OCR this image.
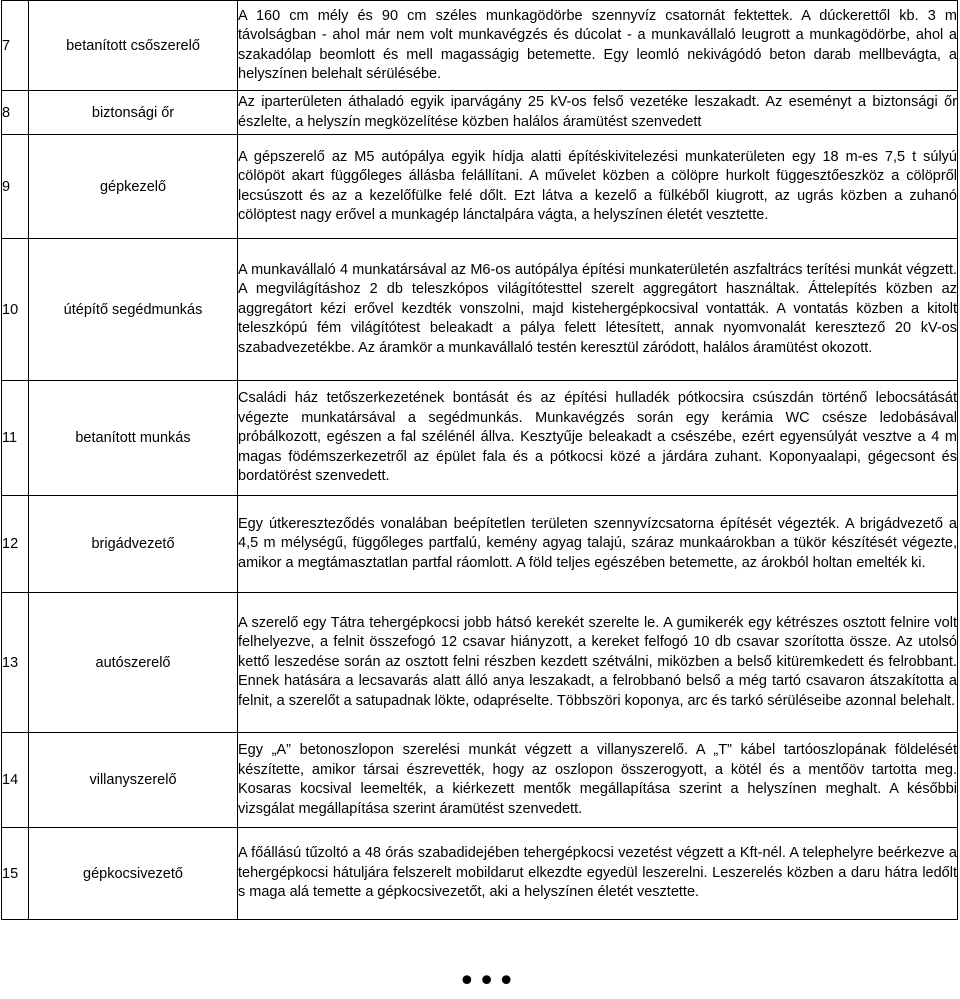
7	betanított csőszerelő	A 160 cm mély és 90 cm széles munkagödörbe szennyvíz csatornát fektettek. A dúckerettől kb. 3 m távolságban - ahol már nem volt munkavégzés és dúcolat - a munkavállaló leugrott a munkagödörbe, ahol a szakadólap beomlott és mell magasságig betemette. Egy leomló nekivágódó beton darab mellbevágta, a helyszínen belehalt sérülésébe.
8	biztonsági őr	Az iparterületen áthaladó egyik iparvágány 25 kV-os felső vezetéke leszakadt. Az eseményt a biztonsági őr észlelte, a helyszín megközelítése közben halálos áramütést szenvedett
9	gépkezelő	A gépszerelő az M5 autópálya egyik hídja alatti építéskivitelezési munkaterületen egy 18 m-es 7,5 t súlyú cölöpöt akart függőleges állásba felállítani. A művelet közben a cölöpre hurkolt függesztőeszköz a cölöpről lecsúszott és az a kezelőfülke felé dőlt. Ezt látva a kezelő a fülkéből kiugrott, az ugrás közben a zuhanó cölöptest nagy erővel a munkagép lánctalpára vágta, a helyszínen életét vesztette.
10	útépítő segédmunkás	A munkavállaló 4 munkatársával az M6-os autópálya építési munkaterületén aszfaltrács terítési munkát végzett. A megvilágításhoz 2 db teleszkópos világítótesttel szerelt aggregátort használtak. Áttelepítés közben az aggregátort kézi erővel kezdték vonszolni, majd kistehergépkocsival vontatták. A vontatás közben a kitolt teleszkópú fém világítótest beleakadt a pálya felett létesített, annak nyomvonalát keresztező 20 kV-os szabadvezetékbe. Az áramkör a munkavállaló testén keresztül záródott, halálos áramütést okozott.
11	betanított munkás	Családi ház tetőszerkezetének bontását és az építési hulladék pótkocsira csúszdán történő lebocsátását végezte munkatársával a segédmunkás. Munkavégzés során egy kerámia WC csésze ledobásával próbálkozott, egészen a fal szélénél állva. Kesztyűje beleakadt a csészébe, ezért egyensúlyát vesztve a 4 m magas födémszerkezetről az épület fala és a pótkocsi közé a járdára zuhant. Koponyaalapi, gégecsont és bordatörést szenvedett.
12	brigádvezető	Egy útkereszteződés vonalában beépítetlen területen szennyvízcsatorna építését végezték. A brigádvezető a 4,5 m mélységű, függőleges partfalú, kemény agyag talajú, száraz munkaárokban a tükör készítését végezte, amikor a megtámasztatlan partfal ráomlott. A föld teljes egészében betemette, az árokból holtan emelték ki.
13	autószerelő	A szerelő egy Tátra tehergépkocsi jobb hátsó kerekét szerelte le. A gumikerék egy kétrészes osztott felnire volt felhelyezve, a felnit összefogó 12 csavar hiányzott, a kereket felfogó 10 db csavar szorította össze. Az utolsó kettő leszedése során az osztott felni részben kezdett szétválni, miközben a belső kitüremkedett és felrobbant. Ennek hatására a lecsavarás alatt álló anya leszakadt, a felrobbanó belső a még tartó csavaron átszakította a felnit, a szerelőt a satupadnak lökte, odapréselte. Többszöri koponya, arc és tarkó sérüléseibe azonnal belehalt.
14	villanyszerelő	Egy „A” betonoszlopon szerelési munkát végzett a villanyszerelő. A „T” kábel tartóoszlopának földelését készítette, amikor társai észrevették, hogy az oszlopon összerogyott, a kötél és a mentőöv tartotta meg. Kosaras kocsival leemelték, a kiérkezett mentők megállapítása szerint a helyszínen meghalt. A későbbi vizsgálat megállapítása szerint áramütést szenvedett.
15	gépkocsivezető	A főállású tűzoltó a 48 órás szabadidejében tehergépkocsi vezetést végzett a Kft-nél. A telephelyre beérkezve a tehergépkocsi hátuljára felszerelt mobildarut elkezdte egyedül leszerelni. Leszerelés közben a daru hátra ledőlt s maga alá temette a gépkocsivezetőt, aki a helyszínen életét vesztette.
•••
